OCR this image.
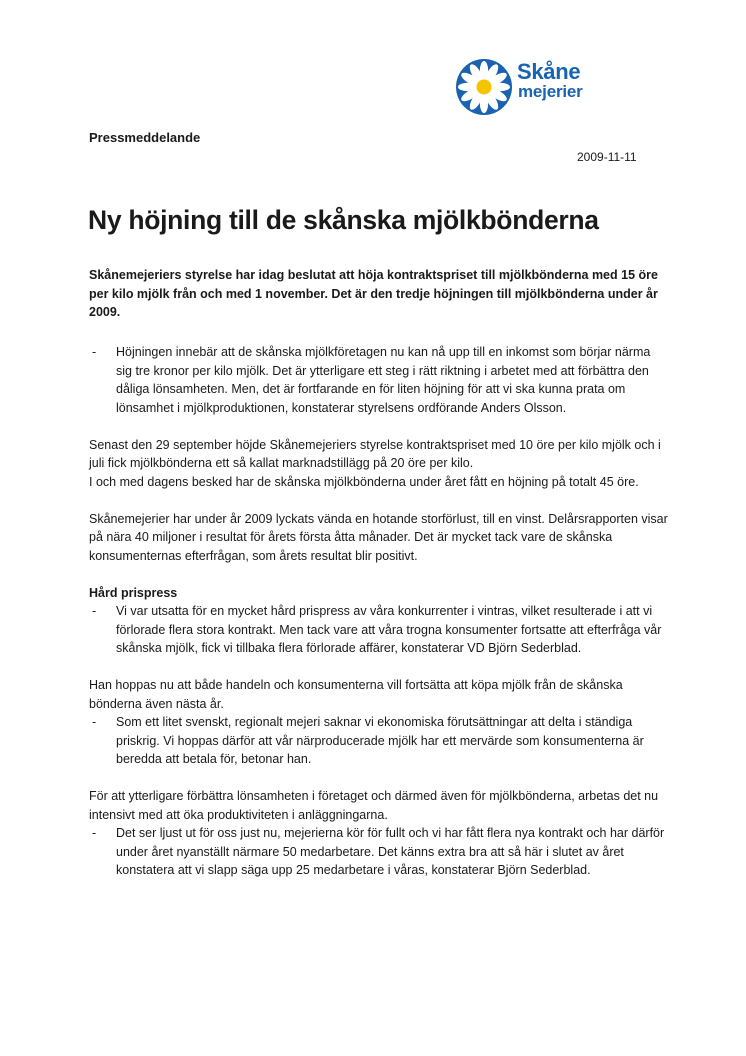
Skåne
mejerier
Pressmeddelande
2009-11-11
Ny höjning till de skånska mjölkbönderna

Skånemejeriers styrelse har idag beslutat att höja kontraktspriset till mjölkbönderna med 15 öre per kilo mjölk från och med 1 november. Det är den tredje höjningen till mjölkbönderna under år 2009.

- Höjningen innebär att de skånska mjölkföretagen nu kan nå upp till en inkomst som börjar närma sig tre kronor per kilo mjölk. Det är ytterligare ett steg i rätt riktning i arbetet med att förbättra den dåliga lönsamheten. Men, det är fortfarande en för liten höjning för att vi ska kunna prata om lönsamhet i mjölkproduktionen, konstaterar styrelsens ordförande Anders Olsson.

Senast den 29 september höjde Skånemejeriers styrelse kontraktspriset med 10 öre per kilo mjölk och i juli fick mjölkbönderna ett så kallat marknadstillägg på 20 öre per kilo.

I och med dagens besked har de skånska mjölkbönderna under året fått en höjning på totalt 45 öre.

Skånemejerier har under år 2009 lyckats vända en hotande storförlust, till en vinst. Delårsrapporten visar på nära 40 miljoner i resultat för årets första åtta månader. Det är mycket tack vare de skånska konsumenternas efterfrågan, som årets resultat blir positivt.

Hård prispress

- Vi var utsatta för en mycket hård prispress av våra konkurrenter i vintras, vilket resulterade i att vi förlorade flera stora kontrakt. Men tack vare att våra trogna konsumenter fortsatte att efterfråga vår skånska mjölk, fick vi tillbaka flera förlorade affärer, konstaterar VD Björn Sederblad.

Han hoppas nu att både handeln och konsumenterna vill fortsätta att köpa mjölk från de skånska bönderna även nästa år.

- Som ett litet svenskt, regionalt mejeri saknar vi ekonomiska förutsättningar att delta i ständiga priskrig. Vi hoppas därför att vår närproducerade mjölk har ett mervärde som konsumenterna är beredda att betala för, betonar han.

För att ytterligare förbättra lönsamheten i företaget och därmed även för mjölkbönderna, arbetas det nu intensivt med att öka produktiviteten i anläggningarna.

- Det ser ljust ut för oss just nu, mejerierna kör för fullt och vi har fått flera nya kontrakt och har därför under året nyanställt närmare 50 medarbetare. Det känns extra bra att så här i slutet av året konstatera att vi slapp säga upp 25 medarbetare i våras, konstaterar Björn Sederblad.
